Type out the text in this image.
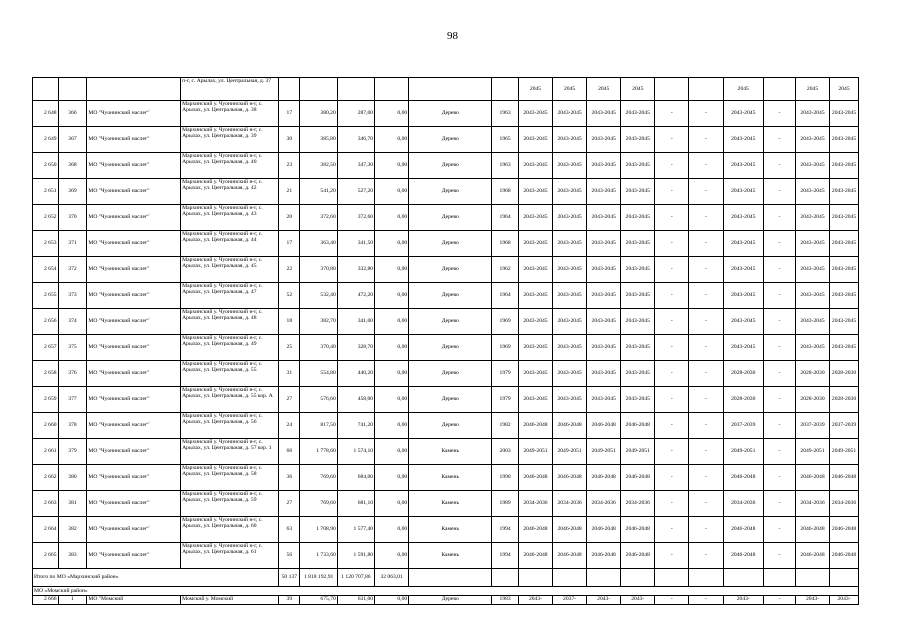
98
			п-г, с. Арылах, ул. Центральная, д. 37							2045	2045	2045	2045			2045		2045	2045
2 648	366	МО "Чуонинский наслег"	Мархинский у. Чуонинский н-г, с. Арылах, ул. Центральная, д. 38	17	380,20	287,00	0,00	Дерево	1963	2043-2045	2043-2045	2043-2045	2043-2045	-	-	2043-2045	-	2043-2045	2043-2045
2 649	367	МО "Чуонинский наслег"	Мархинский у. Чуонинский н-г, с. Арылах, ул. Центральная, д. 39	30	385,80	346,70	0,00	Дерево	1965	2043-2045	2043-2045	2043-2045	2043-2045	-	-	2043-2045	-	2043-2045	2043-2045
2 650	368	МО "Чуонинский наслег"	Мархинский у. Чуонинский н-г, с. Арылах, ул. Центральная, д. 40	23	382,50	347,30	0,00	Дерево	1963	2043-2045	2043-2045	2043-2045	2043-2045	-	-	2043-2045	-	2043-2045	2043-2045
2 651	369	МО "Чуонинский наслег"	Мархинский у. Чуонинский н-г, с. Арылах, ул. Центральная, д. 42	21	541,20	527,20	0,00	Дерево	1968	2043-2045	2043-2045	2043-2045	2043-2045	-	-	2043-2045	-	2043-2045	2043-2045
2 652	370	МО "Чуонинский наслег"	Мархинский у. Чуонинский н-г, с. Арылах, ул. Центральная, д. 43	20	372,60	372,60	0,00	Дерево	1964	2043-2045	2043-2045	2043-2045	2043-2045	-	-	2043-2045	-	2043-2045	2043-2045
2 653	371	МО "Чуонинский наслег"	Мархинский у. Чуонинский н-г, с. Арылах, ул. Центральная, д. 44	17	363,40	341,50	0,00	Дерево	1968	2043-2045	2043-2045	2043-2045	2043-2045	-	-	2043-2045	-	2043-2045	2043-2045
2 654	372	МО "Чуонинский наслег"	Мархинский у. Чуонинский н-г, с. Арылах, ул. Центральная, д. 45	22	370,80	332,80	0,00	Дерево	1962	2043-2045	2043-2045	2043-2045	2043-2045	-	-	2043-2045	-	2043-2045	2043-2045
2 655	373	МО "Чуонинский наслег"	Мархинский у. Чуонинский н-г, с. Арылах, ул. Центральная, д. 47	52	532,40	472,20	0,00	Дерево	1964	2043-2045	2043-2045	2043-2045	2043-2045	-	-	2043-2045	-	2043-2045	2043-2045
2 656	374	МО "Чуонинский наслег"	Мархинский у. Чуонинский н-г, с. Арылах, ул. Центральная, д. 48	18	382,70	341,00	0,00	Дерево	1969	2043-2045	2043-2045	2043-2045	2043-2045	-	-	2043-2045	-	2043-2045	2043-2045
2 657	375	МО "Чуонинский наслег"	Мархинский у. Чуонинский н-г, с. Арылах, ул. Центральная, д. 49	25	370,40	328,70	0,00	Дерево	1969	2043-2045	2043-2045	2043-2045	2043-2045	-	-	2043-2045	-	2043-2045	2043-2045
2 658	376	МО "Чуонинский наслег"	Мархинский у. Чуонинский н-г, с. Арылах, ул. Центральная, д. 55	31	554,80	440,20	0,00	Дерево	1979	2043-2045	2043-2045	2043-2045	2043-2045	-	-	2028-2030	-	2028-2030	2028-2030
2 659	377	МО "Чуонинский наслег"	Мархинский у. Чуонинский н-г, с. Арылах, ул. Центральная, д. 55 кор. А	27	576,60	458,00	0,00	Дерево	1979	2043-2045	2043-2045	2043-2045	2043-2045	-	-	2028-2030	-	2028-2030	2028-2030
2 660	378	МО "Чуонинский наслег"	Мархинский у. Чуонинский н-г, с. Арылах, ул. Центральная, д. 56	24	817,50	741,20	0,00	Дерево	1982	2046-2048	2046-2048	2046-2048	2046-2048	-	-	2037-2039	-	2037-2039	2037-2039
2 661	379	МО "Чуонинский наслег"	Мархинский у. Чуонинский н-г, с. Арылах, ул. Центральная, д. 57 кор. 1	66	1 778,60	1 574,10	0,00	Камень	2003	2049-2051	2049-2051	2049-2051	2049-2051	-	-	2049-2051	-	2049-2051	2049-2051
2 662	380	МО "Чуонинский наслег"	Мархинский у. Чуонинский н-г, с. Арылах, ул. Центральная, д. 58	36	769,60	684,00	0,00	Камень	1990	2046-2048	2046-2048	2046-2048	2046-2048	-	-	2046-2048	-	2046-2048	2046-2048
2 663	381	МО "Чуонинский наслег"	Мархинский у. Чуонинский н-г, с. Арылах, ул. Центральная, д. 59	27	769,60	681,10	0,00	Камень	1989	2034-2036	2034-2036	2034-2036	2034-2036	-	-	2034-2036	-	2034-2036	2034-2036
2 664	382	МО "Чуонинский наслег"	Мархинский у. Чуонинский н-г, с. Арылах, ул. Центральная, д. 60	63	1 708,90	1 577,40	0,00	Камень	1994	2046-2048	2046-2048	2046-2048	2046-2048	-	-	2046-2048	-	2046-2048	2046-2048
2 665	383	МО "Чуонинский наслег"	Мархинский у. Чуонинский н-г, с. Арылах, ул. Центральная, д. 61	56	1 733,60	1 591,80	0,00	Камень	1994	2046-2048	2046-2048	2046-2048	2046-2048	-	-	2046-2048	-	2046-2048	2046-2048
Итого по МО «Мархинский район»				50 137	1 818 192,91	1 120 707,86	32 063,01												
МО «Момский район»																			
2 666	1	МО "Момский	Момский у. Момский	39	675,70	631,00	0,00	Дерево	1983	2043-	2037-	2043-	2043-	-	-	2043-	-	2043-	2043-
